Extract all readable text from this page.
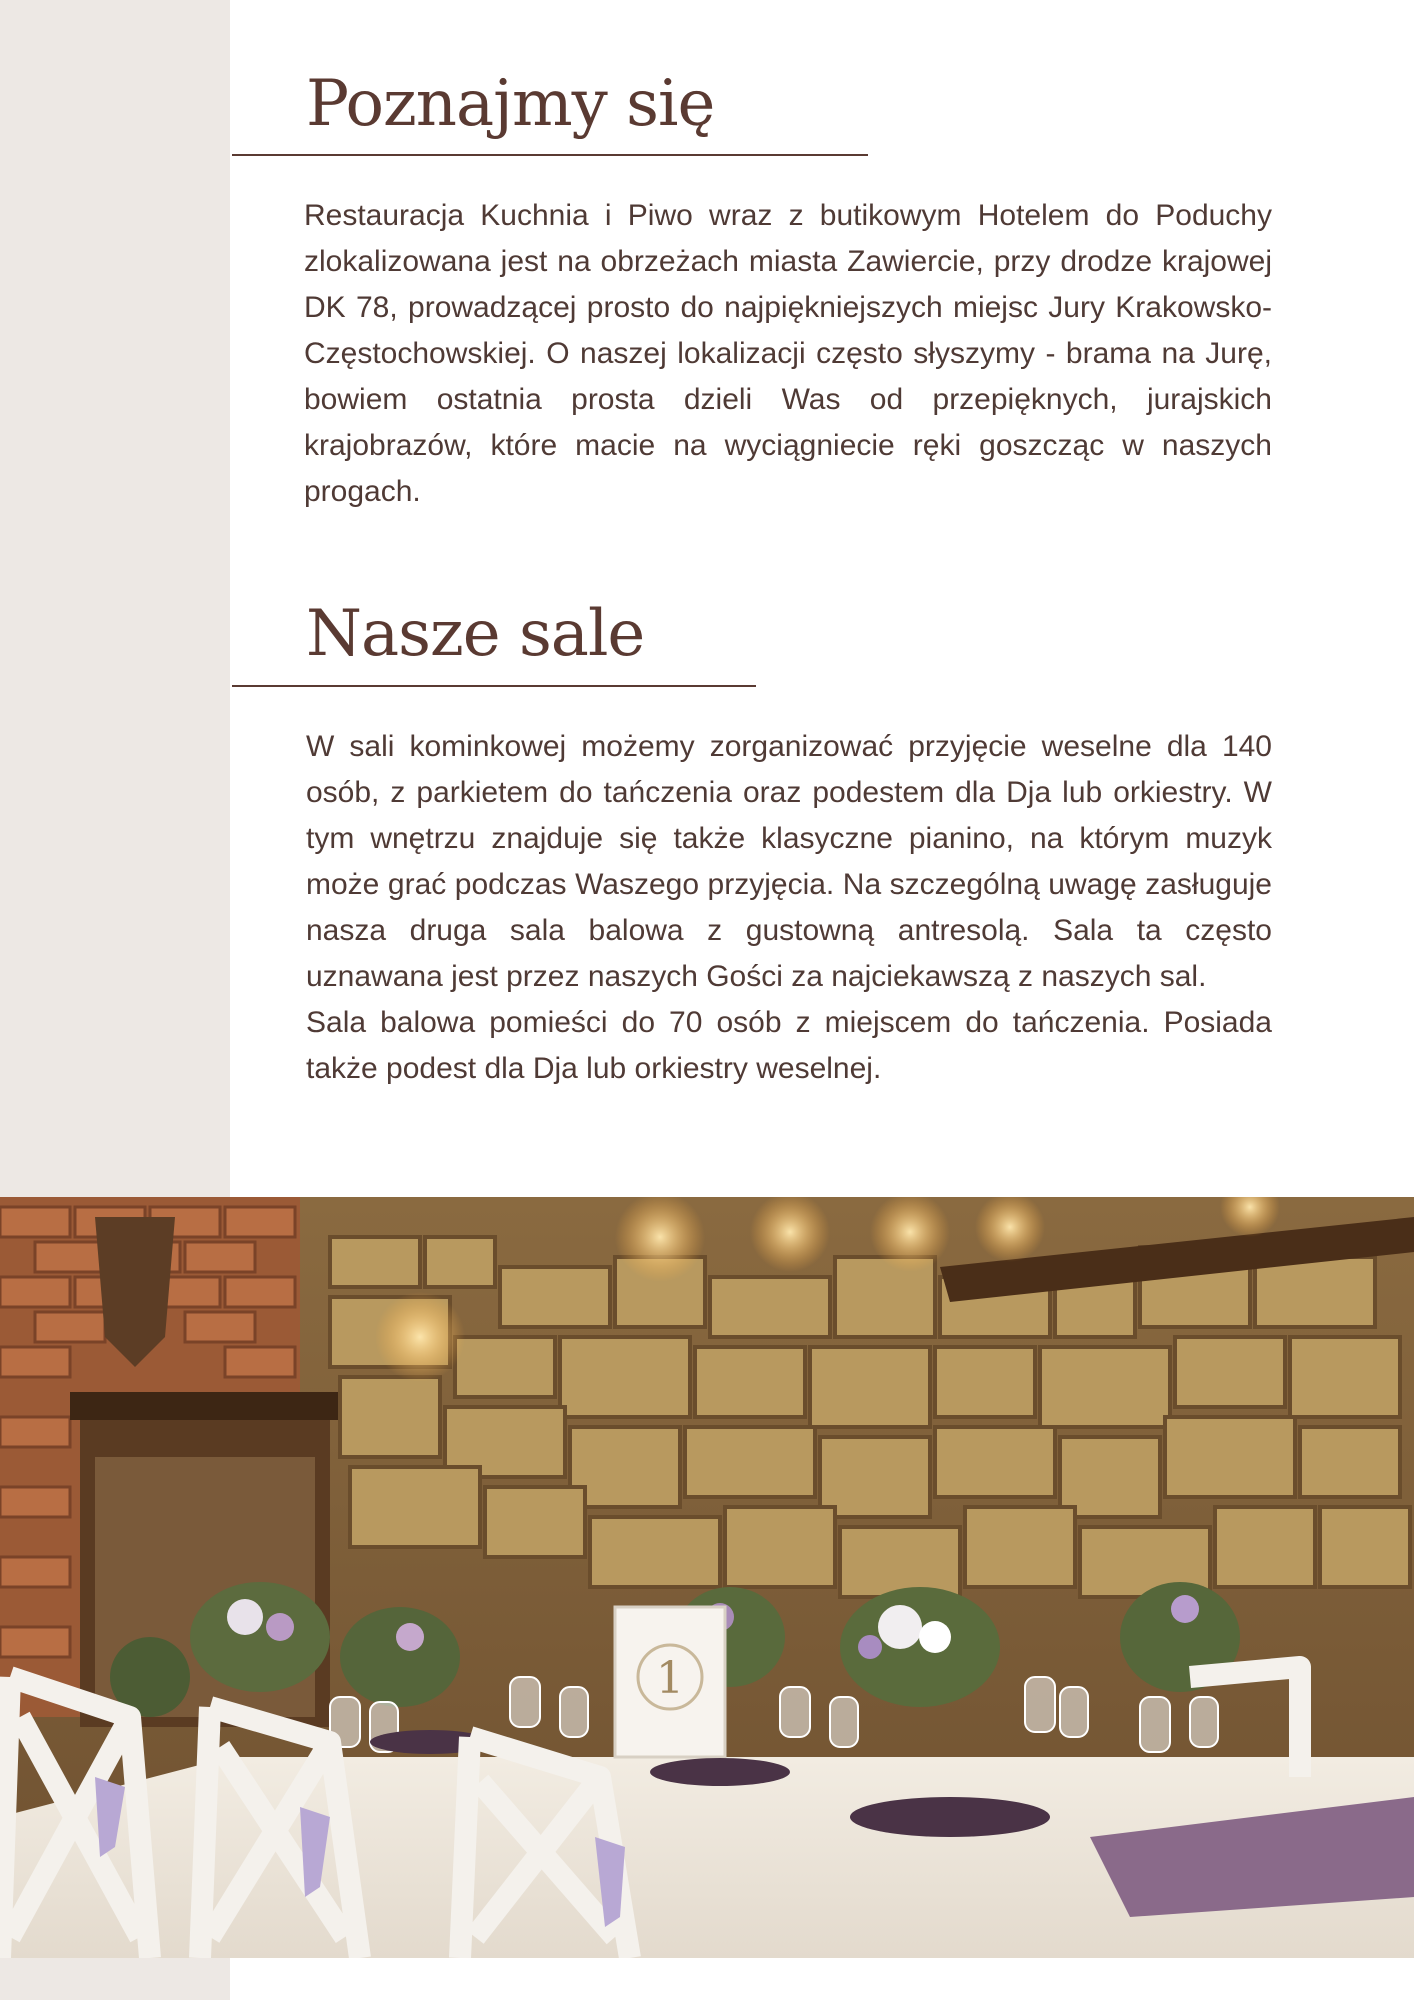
Poznajmy się
Restauracja Kuchnia i Piwo wraz z butikowym Hotelem do Poduchy zlokalizowana jest na obrzeżach miasta Zawiercie, przy drodze krajowej DK 78, prowadzącej prosto do najpiękniejszych miejsc Jury Krakowsko- Częstochowskiej. O naszej lokalizacji często słyszymy - brama na Jurę, bowiem ostatnia prosta dzieli Was od przepięknych, jurajskich krajobrazów, które macie na wyciągniecie ręki goszcząc w naszych progach.
Nasze sale

W sali kominkowej możemy zorganizować przyjęcie weselne dla 140 osób, z parkietem do tańczenia oraz podestem dla Dja lub orkiestry. W tym wnętrzu znajduje się także klasyczne pianino, na którym muzyk może grać podczas Waszego przyjęcia. Na szczególną uwagę zasługuje nasza druga sala balowa z gustowną antresolą. Sala ta często uznawana jest przez naszych Gości za najciekawszą z naszych sal.

Sala balowa pomieści do 70 osób z miejscem do tańczenia. Posiada także podest dla Dja lub orkiestry weselnej.

1
